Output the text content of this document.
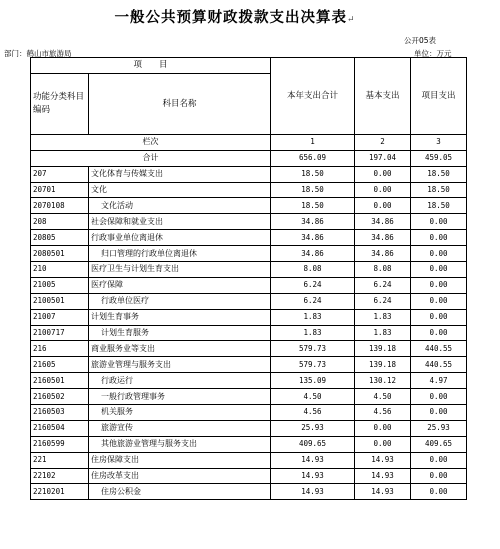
一般公共预算财政拨款支出决算表↵
公开05表
部门：鹤山市旅游局	单位：万元
项　　目		本年支出合计	基本支出	项目支出
功能分类科目编码	科目名称			
栏次		1	2	3
合计		656.09	197.04	459.05
207	文化体育与传媒支出	18.50	0.00	18.50
20701	文化	18.50	0.00	18.50
2070108	文化活动	18.50	0.00	18.50
208	社会保障和就业支出	34.86	34.86	0.00
20805	行政事业单位离退休	34.86	34.86	0.00
2080501	归口管理的行政单位离退休	34.86	34.86	0.00
210	医疗卫生与计划生育支出	8.08	8.08	0.00
21005	医疗保障	6.24	6.24	0.00
2100501	行政单位医疗	6.24	6.24	0.00
21007	计划生育事务	1.83	1.83	0.00
2100717	计划生育服务	1.83	1.83	0.00
216	商业服务业等支出	579.73	139.18	440.55
21605	旅游业管理与服务支出	579.73	139.18	440.55
2160501	行政运行	135.09	130.12	4.97
2160502	一般行政管理事务	4.50	4.50	0.00
2160503	机关服务	4.56	4.56	0.00
2160504	旅游宣传	25.93	0.00	25.93
2160599	其他旅游业管理与服务支出	409.65	0.00	409.65
221	住房保障支出	14.93	14.93	0.00
22102	住房改革支出	14.93	14.93	0.00
2210201	住房公积金	14.93	14.93	0.00
